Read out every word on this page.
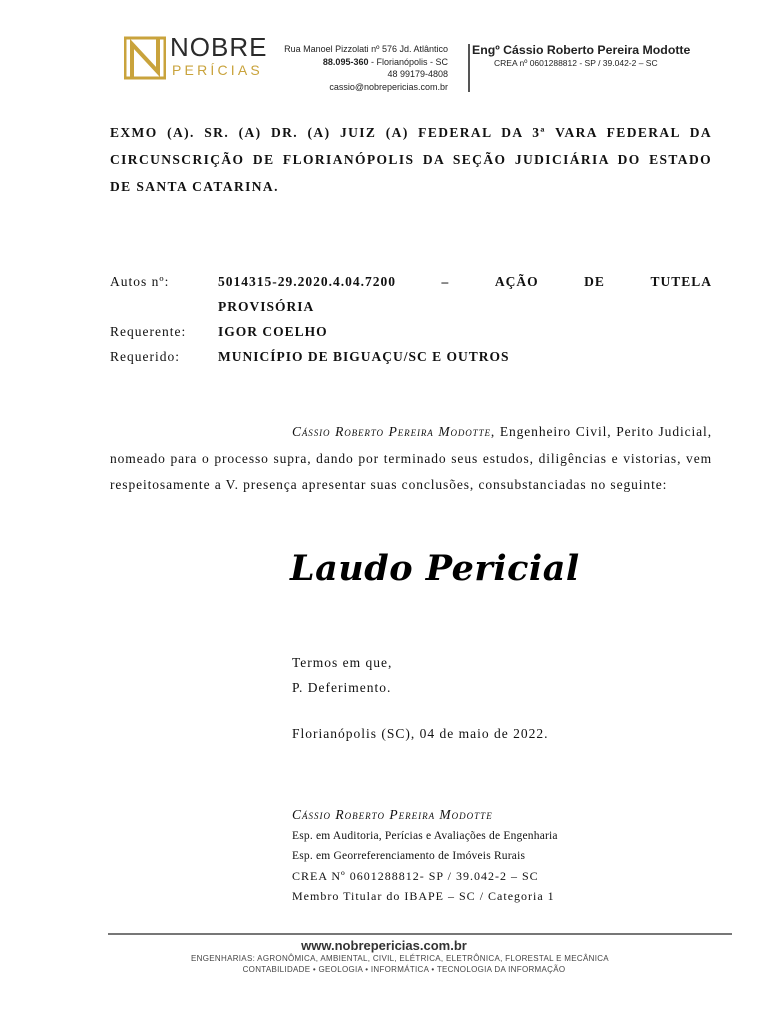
NOBRE
PERÍCIAS
Rua Manoel Pizzolati nº 576 Jd. Atlântico
88.095-360 - Florianópolis - SC
48 99179-4808
cassio@nobrepericias.com.br
Engº Cássio Roberto Pereira Modotte
CREA nº 0601288812 - SP / 39.042-2 – SC
EXMO (A). SR. (A) DR. (A) JUIZ (A) FEDERAL DA 3ª VARA FEDERAL DA CIRCUNSCRIÇÃO DE FLORIANÓPOLIS DA SEÇÃO JUDICIÁRIA DO ESTADO DE SANTA CATARINA.
Autos nº:	5014315-29.2020.4.04.7200	–	AÇÃO	DE	TUTELA
PROVISÓRIA
Requerente: IGOR COELHO
Requerido:	MUNICÍPIO DE BIGUAÇU/SC E OUTROS
Cássio Roberto Pereira Modotte, Engenheiro Civil, Perito Judicial, nomeado para o processo supra, dando por terminado seus estudos, diligências e vistorias, vem respeitosamente a V. presença apresentar suas conclusões, consubstanciadas no seguinte:
Laudo Pericial
Termos em que,
P. Deferimento.
Florianópolis (SC), 04 de maio de 2022.
Cássio Roberto Pereira Modotte
Esp. em Auditoria, Perícias e Avaliações de Engenharia
Esp. em Georreferenciamento de Imóveis Rurais
CREA Nº 0601288812- SP / 39.042-2 – SC
Membro Titular do IBAPE – SC / Categoria 1
www.nobrepericias.com.br
ENGENHARIAS: AGRONÔMICA, AMBIENTAL, CIVIL, ELÉTRICA, ELETRÔNICA, FLORESTAL E MECÂNICA
CONTABILIDADE • GEOLOGIA • INFORMÁTICA • TECNOLOGIA DA INFORMAÇÃO
